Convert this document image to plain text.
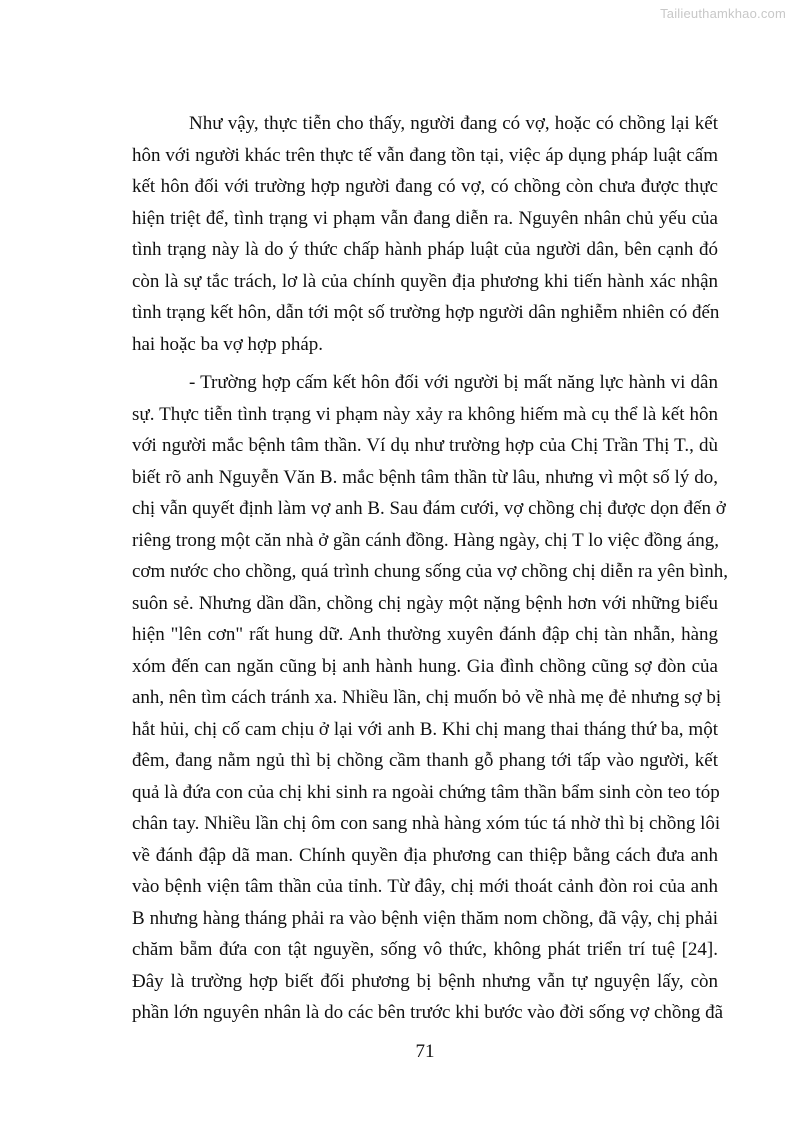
Tailieuthamkhao.com

Như vậy, thực tiễn cho thấy, người đang có vợ, hoặc có chồng lại kết
hôn với người khác trên thực tế vẫn đang tồn tại, việc áp dụng pháp luật cấm
kết hôn đối với trường hợp người đang có vợ, có chồng còn chưa được thực
hiện triệt để, tình trạng vi phạm vẫn đang diễn ra. Nguyên nhân chủ yếu của
tình trạng này là do ý thức chấp hành pháp luật của người dân, bên cạnh đó
còn là sự tắc trách, lơ là của chính quyền địa phương khi tiến hành xác nhận
tình trạng kết hôn, dẫn tới một số trường hợp người dân nghiễm nhiên có đến
hai hoặc ba vợ hợp pháp.

- Trường hợp cấm kết hôn đối với người bị mất năng lực hành vi dân
sự. Thực tiễn tình trạng vi phạm này xảy ra không hiếm mà cụ thể là kết hôn
với người mắc bệnh tâm thần. Ví dụ như trường hợp của Chị Trần Thị T., dù
biết rõ anh Nguyễn Văn B. mắc bệnh tâm thần từ lâu, nhưng vì một số lý do,
chị vẫn quyết định làm vợ anh B. Sau đám cưới, vợ chồng chị được dọn đến ở
riêng trong một căn nhà ở gần cánh đồng. Hàng ngày, chị T lo việc đồng áng,
cơm nước cho chồng, quá trình chung sống của vợ chồng chị diễn ra yên bình,
suôn sẻ. Nhưng dần dần, chồng chị ngày một nặng bệnh hơn với những biểu
hiện "lên cơn" rất hung dữ. Anh thường xuyên đánh đập chị tàn nhẫn, hàng
xóm đến can ngăn cũng bị anh hành hung. Gia đình chồng cũng sợ đòn của
anh, nên tìm cách tránh xa. Nhiều lần, chị muốn bỏ về nhà mẹ đẻ nhưng sợ bị
hắt hủi, chị cố cam chịu ở lại với anh B. Khi chị mang thai tháng thứ ba, một
đêm, đang nằm ngủ thì bị chồng cầm thanh gỗ phang tới tấp vào người, kết
quả là đứa con của chị khi sinh ra ngoài chứng tâm thần bẩm sinh còn teo tóp
chân tay. Nhiều lần chị ôm con sang nhà hàng xóm túc tá nhờ thì bị chồng lôi
về đánh đập dã man. Chính quyền địa phương can thiệp bằng cách đưa anh
vào bệnh viện tâm thần của tỉnh. Từ đây, chị mới thoát cảnh đòn roi của anh
B nhưng hàng tháng phải ra vào bệnh viện thăm nom chồng, đã vậy, chị phải
chăm bẵm đứa con tật nguyền, sống vô thức, không phát triển trí tuệ [24].
Đây là trường hợp biết đối phương bị bệnh nhưng vẫn tự nguyện lấy, còn
phần lớn nguyên nhân là do các bên trước khi bước vào đời sống vợ chồng đã

71
